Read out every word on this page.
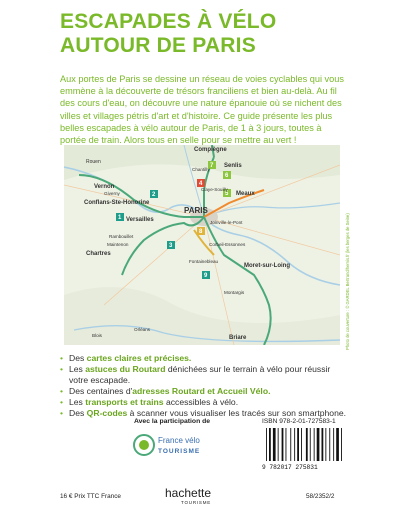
ESCAPADES À VÉLO
AUTOUR DE PARIS
Aux portes de Paris se dessine un réseau de voies cyclables qui vous emmène à la découverte de trésors franciliens et bien au-delà. Au fil des cours d'eau, on découvre une nature épanouie où se nichent des villes et villages pétris d'art et d'histoire. Ce guide présente les plus belles escapades à vélo autour de Paris, de 1 à 3 jours, toutes à portée de train. Alors tous en selle pour se mettre au vert !
4
6
5
7
2
1
3
8
9
Compiègne
Rouen
Senlis
Chantilly
Vernon
Giverny
Conflans-Ste-Honorine
Claye-Souilly
Meaux
PARIS
Versailles	Joinville-le-Pont
Rambouillet
Maintenon	Corbeil-Essonnes
Chartres
Fontainebleau
Moret-sur-Loing
Montargis
Orléans
Blois	Briare	Photo de couverture : © GARDEL Bertrand/hemis.fr (les berges de Seine)
• Des cartes claires et précises.
• Les astuces du Routard dénichées sur le terrain à vélo pour réussir votre escapade.
• Des centaines d'adresses Routard et Accueil Vélo.
• Les transports et trains accessibles à vélo.
• Des QR-codes à scanner vous visualiser les tracés sur son smartphone.
Avec la participation de
France vélo
TOURISME
ISBN 978-2-01-727583-1
9 782017 275831
16 € Prix TTC France	hachette
TOURISME
58/2352/2
